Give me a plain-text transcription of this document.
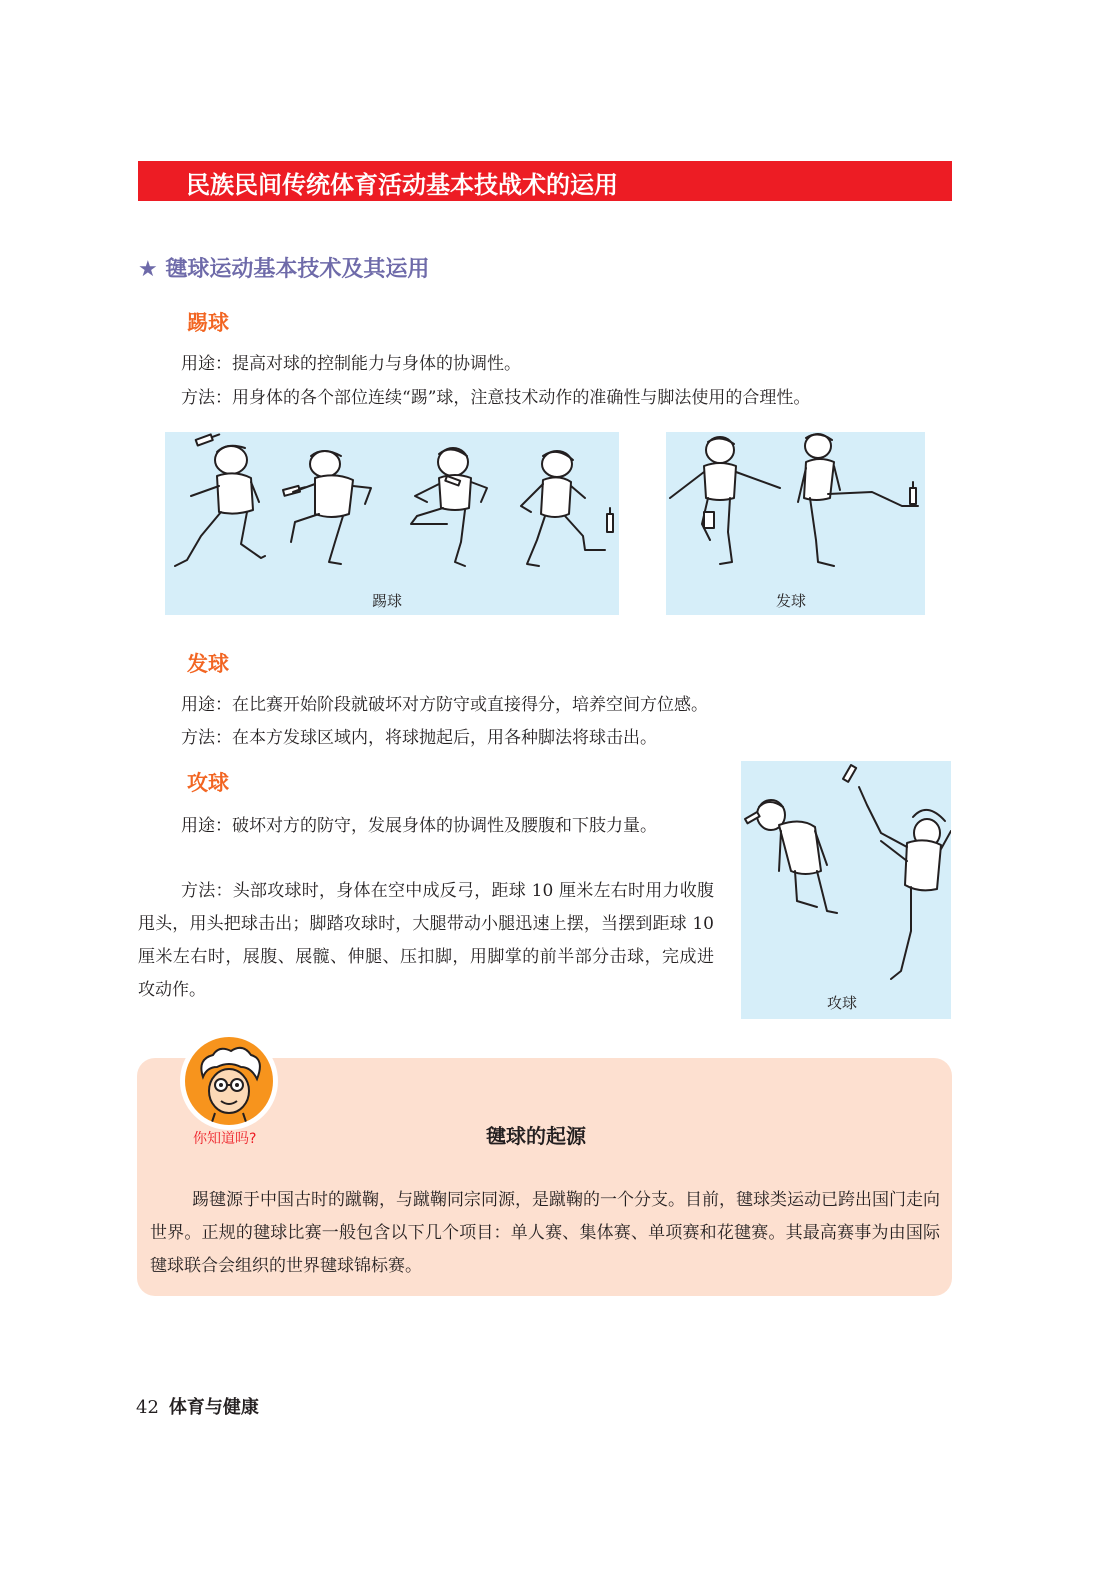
民族民间传统体育活动基本技战术的运用
★ 毽球运动基本技术及其运用
踢球
用途：提高对球的控制能力与身体的协调性。
方法：用身体的各个部位连续“踢”球，注意技术动作的准确性与脚法使用的合理性。
踢球	发球
发球
用途：在比赛开始阶段就破坏对方防守或直接得分，培养空间方位感。
方法：在本方发球区域内，将球抛起后，用各种脚法将球击出。
攻球
用途：破坏对方的防守，发展身体的协调性及腰腹和下肢力量。
方法：头部攻球时，身体在空中成反弓，距球 10 厘米左右时用力收腹甩头，用头把球击出；脚踏攻球时，大腿带动小腿迅速上摆，当摆到距球 10 厘米左右时，展腹、展髋、伸腿、压扣脚，用脚掌的前半部分击球，完成进攻动作。
攻球
你知道吗?	毽球的起源
踢毽源于中国古时的蹴鞠，与蹴鞠同宗同源，是蹴鞠的一个分支。目前，毽球类运动已跨出国门走向世界。正规的毽球比赛一般包含以下几个项目：单人赛、集体赛、单项赛和花毽赛。其最高赛事为由国际毽球联合会组织的世界毽球锦标赛。
42 体育与健康
